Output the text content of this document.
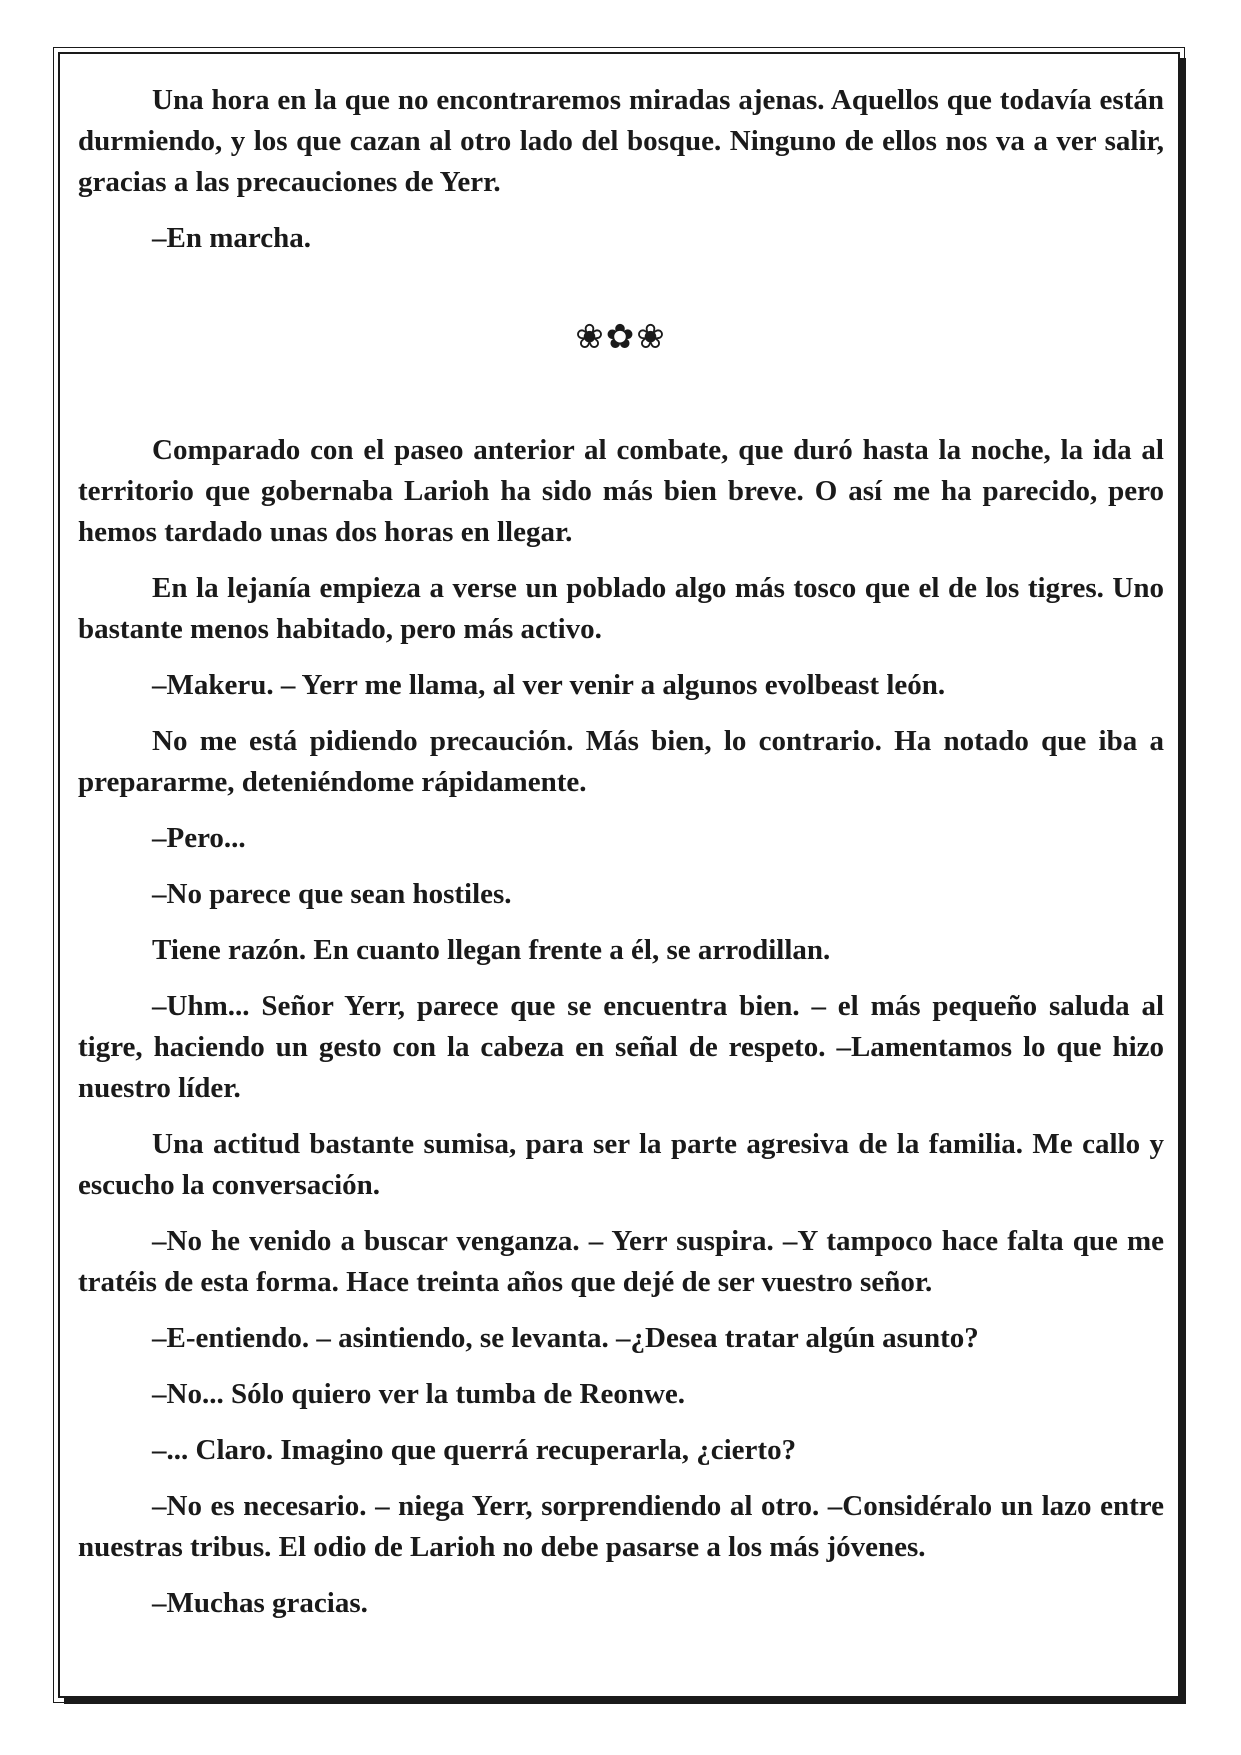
Una hora en la que no encontraremos miradas ajenas. Aquellos que todavía están durmiendo, y los que cazan al otro lado del bosque. Ninguno de ellos nos va a ver salir, gracias a las precauciones de Yerr.

–En marcha.

❀✿❀

Comparado con el paseo anterior al combate, que duró hasta la noche, la ida al territorio que gobernaba Larioh ha sido más bien breve. O así me ha parecido, pero hemos tardado unas dos horas en llegar.

En la lejanía empieza a verse un poblado algo más tosco que el de los tigres. Uno bastante menos habitado, pero más activo.

–Makeru. – Yerr me llama, al ver venir a algunos evolbeast león.

No me está pidiendo precaución. Más bien, lo contrario. Ha notado que iba a prepararme, deteniéndome rápidamente.

–Pero...

–No parece que sean hostiles.

Tiene razón. En cuanto llegan frente a él, se arrodillan.

–Uhm... Señor Yerr, parece que se encuentra bien. – el más pequeño saluda al tigre, haciendo un gesto con la cabeza en señal de respeto. –Lamentamos lo que hizo nuestro líder.

Una actitud bastante sumisa, para ser la parte agresiva de la familia. Me callo y escucho la conversación.

–No he venido a buscar venganza. – Yerr suspira. –Y tampoco hace falta que me tratéis de esta forma. Hace treinta años que dejé de ser vuestro señor.

–E-entiendo. – asintiendo, se levanta. –¿Desea tratar algún asunto?

–No... Sólo quiero ver la tumba de Reonwe.

–... Claro. Imagino que querrá recuperarla, ¿cierto?

–No es necesario. – niega Yerr, sorprendiendo al otro. –Considéralo un lazo entre nuestras tribus. El odio de Larioh no debe pasarse a los más jóvenes.

–Muchas gracias.
